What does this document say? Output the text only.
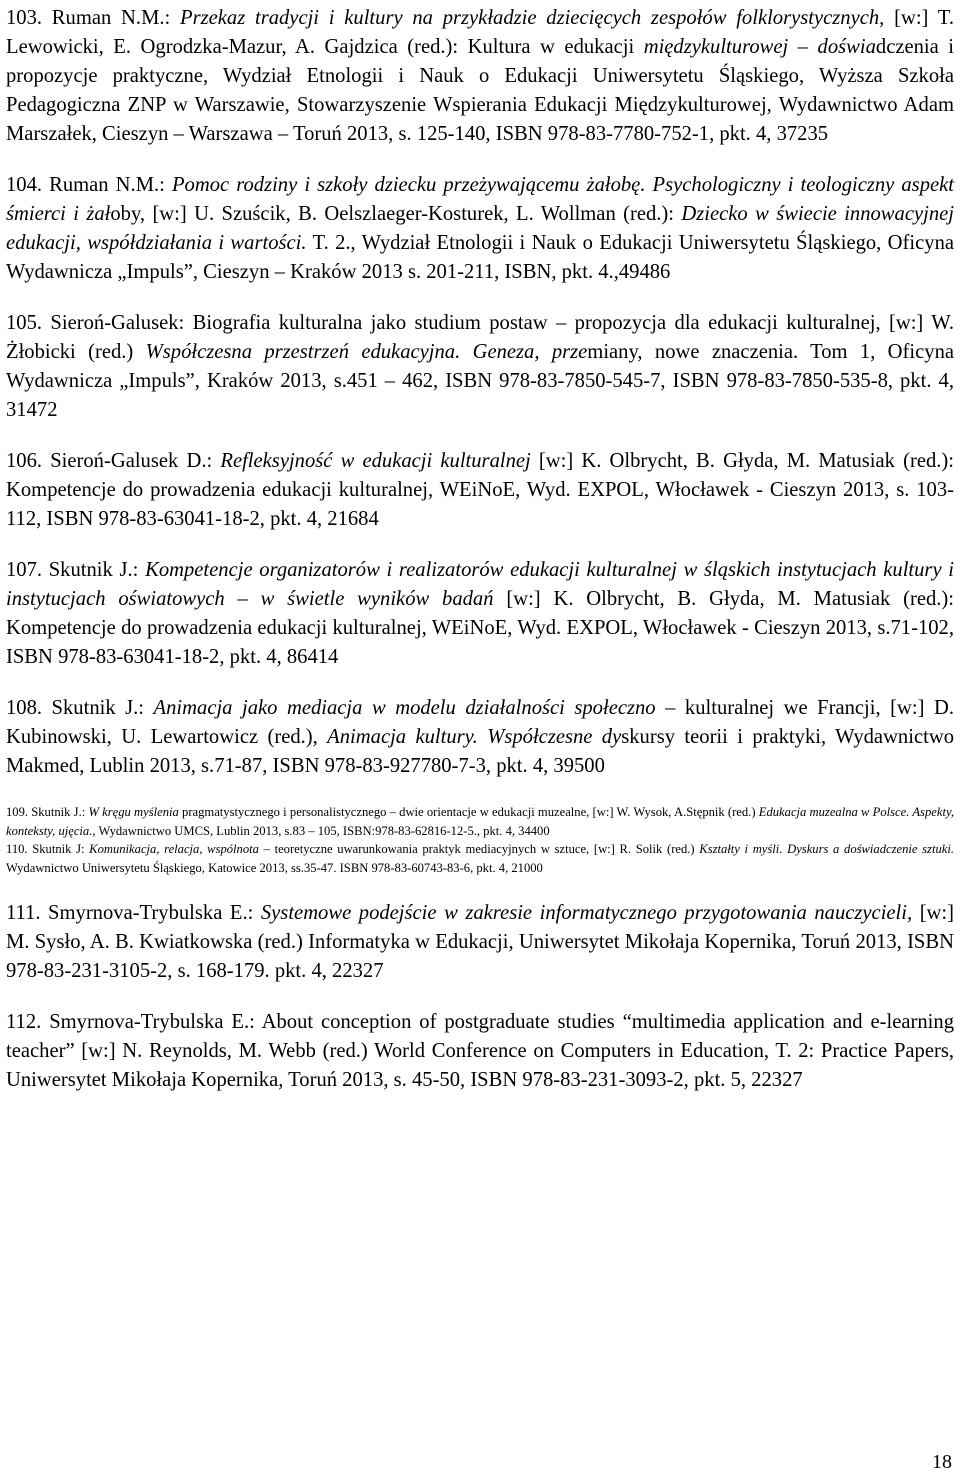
103. Ruman N.M.: Przekaz tradycji i kultury na przykładzie dziecięcych zespołów folklorystycznych, [w:] T. Lewowicki, E. Ogrodzka-Mazur, A. Gajdzica (red.): Kultura w edukacji międzykulturowej – doświadczenia i propozycje praktyczne, Wydział Etnologii i Nauk o Edukacji Uniwersytetu Śląskiego, Wyższa Szkoła Pedagogiczna ZNP w Warszawie, Stowarzyszenie Wspierania Edukacji Międzykulturowej, Wydawnictwo Adam Marszałek, Cieszyn – Warszawa – Toruń 2013, s. 125-140, ISBN 978-83-7780-752-1, pkt. 4, 37235

104. Ruman N.M.: Pomoc rodziny i szkoły dziecku przeżywającemu żałobę. Psychologiczny i teologiczny aspekt śmierci i żałoby, [w:] U. Szuścik, B. Oelszlaeger-Kosturek, L. Wollman (red.): Dziecko w świecie innowacyjnej edukacji, współdziałania i wartości. T. 2., Wydział Etnologii i Nauk o Edukacji Uniwersytetu Śląskiego, Oficyna Wydawnicza „Impuls”, Cieszyn – Kraków 2013 s. 201-211, ISBN, pkt. 4.,49486

105. Sieroń-Galusek: Biografia kulturalna jako studium postaw – propozycja dla edukacji kulturalnej, [w:] W. Żłobicki (red.) Współczesna przestrzeń edukacyjna. Geneza, przemiany, nowe znaczenia. Tom 1, Oficyna Wydawnicza „Impuls”, Kraków 2013, s.451 – 462, ISBN 978-83-7850-545-7, ISBN 978-83-7850-535-8, pkt. 4, 31472

106. Sieroń-Galusek D.: Refleksyjność w edukacji kulturalnej [w:] K. Olbrycht, B. Głyda, M. Matusiak (red.): Kompetencje do prowadzenia edukacji kulturalnej, WEiNoE, Wyd. EXPOL, Włocławek - Cieszyn 2013, s. 103-112, ISBN 978-83-63041-18-2, pkt. 4, 21684

107. Skutnik J.: Kompetencje organizatorów i realizatorów edukacji kulturalnej w śląskich instytucjach kultury i instytucjach oświatowych – w świetle wyników badań [w:] K. Olbrycht, B. Głyda, M. Matusiak (red.): Kompetencje do prowadzenia edukacji kulturalnej, WEiNoE, Wyd. EXPOL, Włocławek - Cieszyn 2013, s.71-102, ISBN 978-83-63041-18-2, pkt. 4, 86414

108. Skutnik J.: Animacja jako mediacja w modelu działalności społeczno – kulturalnej we Francji, [w:] D. Kubinowski, U. Lewartowicz (red.), Animacja kultury. Współczesne dyskursy teorii i praktyki, Wydawnictwo Makmed, Lublin 2013, s.71-87, ISBN 978-83-927780-7-3, pkt. 4, 39500

109. Skutnik J.: W kręgu myślenia pragmatystycznego i personalistycznego – dwie orientacje w edukacji muzealne, [w:] W. Wysok, A.Stępnik (red.) Edukacja muzealna w Polsce. Aspekty, konteksty, ujęcia., Wydawnictwo UMCS, Lublin 2013, s.83 – 105, ISBN:978-83-62816-12-5., pkt. 4, 34400

110. Skutnik J: Komunikacja, relacja, wspólnota – teoretyczne uwarunkowania praktyk mediacyjnych w sztuce, [w:] R. Solik (red.) Kształty i myśli. Dyskurs a doświadczenie sztuki. Wydawnictwo Uniwersytetu Śląskiego, Katowice 2013, ss.35-47. ISBN 978-83-60743-83-6, pkt. 4, 21000

111. Smyrnova-Trybulska E.: Systemowe podejście w zakresie informatycznego przygotowania nauczycieli, [w:] M. Sysło, A. B. Kwiatkowska (red.) Informatyka w Edukacji, Uniwersytet Mikołaja Kopernika, Toruń 2013, ISBN 978-83-231-3105-2, s. 168-179. pkt. 4, 22327

112. Smyrnova-Trybulska E.: About conception of postgraduate studies “multimedia application and e-learning teacher” [w:] N. Reynolds, M. Webb (red.) World Conference on Computers in Education, T. 2: Practice Papers, Uniwersytet Mikołaja Kopernika, Toruń 2013, s. 45-50, ISBN 978-83-231-3093-2, pkt. 5, 22327

18
